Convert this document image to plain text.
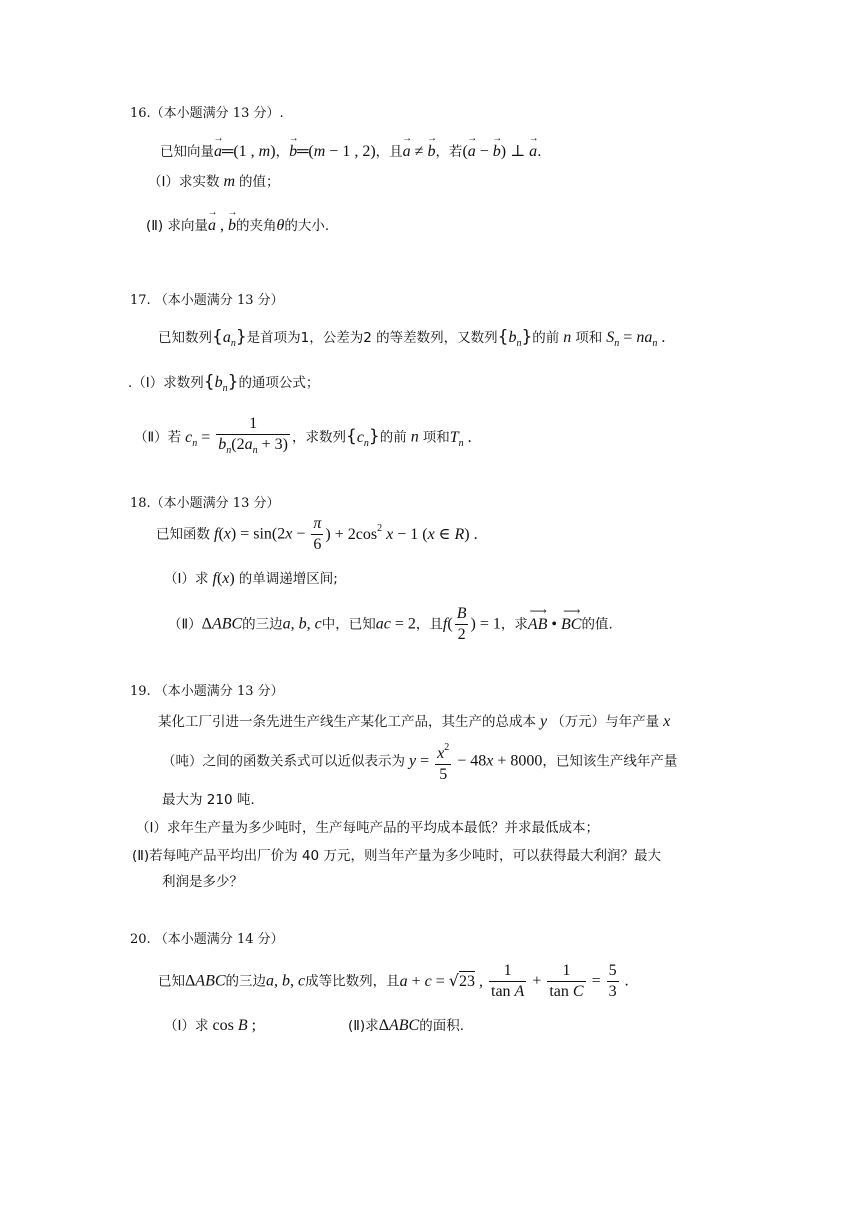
16.（本小题满分 13 分）.
已知向量→ a═(1 , m)，→ b═(m − 1 , 2)，且→ a ≠ → b，若(→ a − → b) ⊥ → a.
（Ⅰ）求实数 m 的值；
(Ⅱ) 求向量→ a , → b的夹角θ的大小.
17. （本小题满分 13 分）
已知数列$\{a_n\}$是首项为1，公差为2 的等差数列，又数列$\{b_n\}$的前 n 项和 $S_n = na_n$ .
.（Ⅰ）求数列$\{b_n\}$的通项公式；
（Ⅱ）若 $c_n = \frac{1}{b_n(2a_n + 3)}$ ，求数列$\{c_n\}$的前 n 项和$T_n$ .
18.（本小题满分 13 分）
已知函数 $f(x) = \sin(2x - \frac{\pi}{6}$ ) + $2\cos^2$ x − 1 (x ∈ R) .
（Ⅰ）求 f(x) 的单调递增区间;
（Ⅱ）ΔABC的三边a, b, c中，已知ac = 2，且$f( \frac{B}{2}$ ) = 1，求⟶ AB • ⟶ BC的值.
19. （本小题满分 13 分）
某化工厂引进一条先进生产线生产某化工产品，其生产的总成本 y （万元）与年产量 x
（吨）之间的函数关系式可以近似表示为 $y = \frac{x^2}{5} - 48x + 8000$，已知该生产线年产量
最大为 210 吨.
（Ⅰ）求年生产量为多少吨时，生产每吨产品的平均成本最低？并求最低成本；
(Ⅱ)若每吨产品平均出厂价为 40 万元，则当年产量为多少吨时，可以获得最大利润？最大
利润是多少？
20. （本小题满分 14 分）
已知ΔABC的三边a, b, c成等比数列，且a + c = √23 , $\frac{1}{\text{tan A}} + \frac{1}{\text{tan C}} = \frac{5}{3}$ .
（Ⅰ）求 cos B ;	(Ⅱ)求ΔABC的面积.
